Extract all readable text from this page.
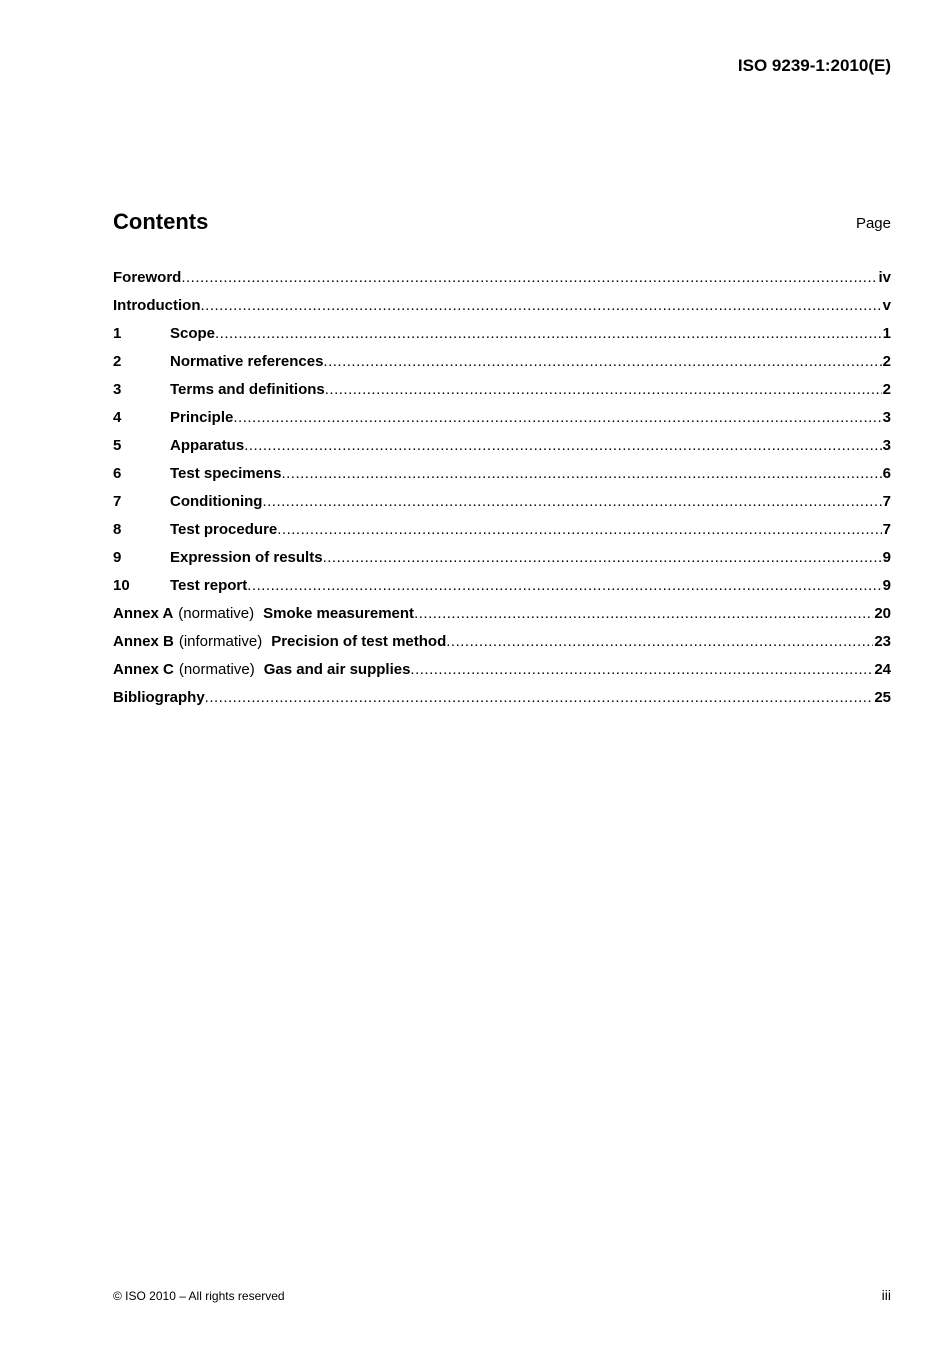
ISO 9239-1:2010(E)
Contents	Page
Foreword .....	iv
Introduction .....	v
1	Scope .....	1
2	Normative references .....	2
3	Terms and definitions .....	2
4	Principle .....	3
5	Apparatus .....	3
6	Test specimens .....	6
7	Conditioning .....	7
8	Test procedure .....	7
9	Expression of results .....	9
10	Test report .....	9
Annex A (normative) Smoke measurement .....	20
Annex B (informative) Precision of test method .....	23
Annex C (normative) Gas and air supplies .....	24
Bibliography .....	25
© ISO 2010 – All rights reserved	iii
